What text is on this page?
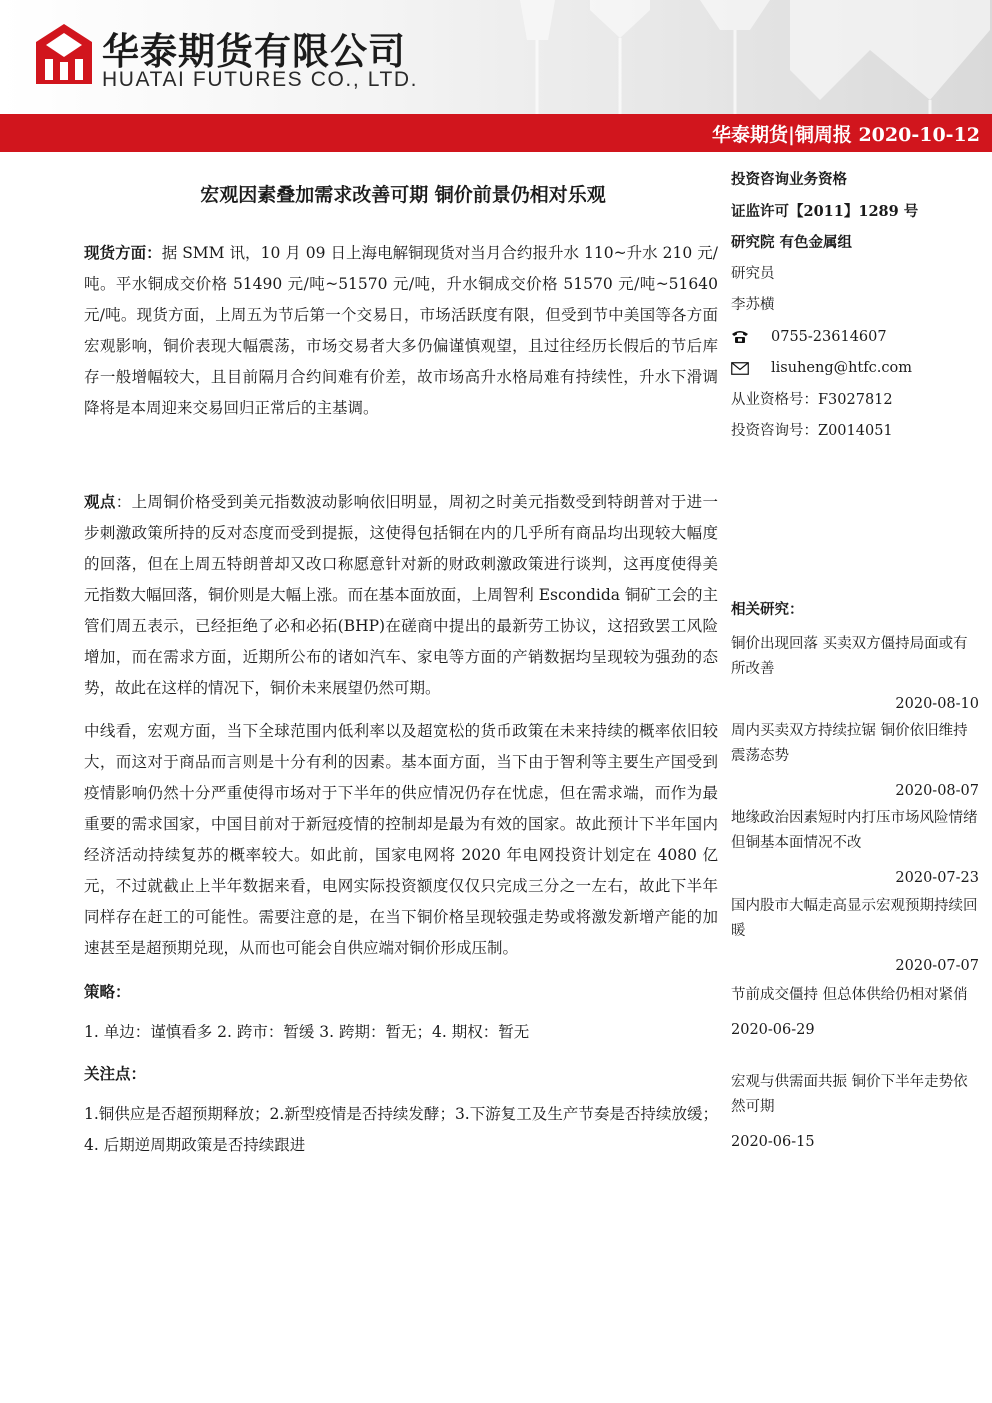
华泰期货有限公司
HUATAI FUTURES CO., LTD.
华泰期货|铜周报 2020-10-12
宏观因素叠加需求改善可期 铜价前景仍相对乐观

现货方面：据 SMM 讯，10 月 09 日上海电解铜现货对当月合约报升水 110~升水 210 元/吨。平水铜成交价格 51490 元/吨~51570 元/吨，升水铜成交价格 51570 元/吨~51640 元/吨。现货方面，上周五为节后第一个交易日，市场活跃度有限，但受到节中美国等各方面宏观影响，铜价表现大幅震荡，市场交易者大多仍偏谨慎观望，且过往经历长假后的节后库存一般增幅较大，且目前隔月合约间难有价差，故市场高升水格局难有持续性，升水下滑调降将是本周迎来交易回归正常后的主基调。

观点：上周铜价格受到美元指数波动影响依旧明显，周初之时美元指数受到特朗普对于进一步刺激政策所持的反对态度而受到提振，这使得包括铜在内的几乎所有商品均出现较大幅度的回落，但在上周五特朗普却又改口称愿意针对新的财政刺激政策进行谈判，这再度使得美元指数大幅回落，铜价则是大幅上涨。而在基本面放面，上周智利 Escondida 铜矿工会的主管们周五表示，已经拒绝了必和必拓(BHP)在磋商中提出的最新劳工协议，这招致罢工风险增加，而在需求方面，近期所公布的诸如汽车、家电等方面的产销数据均呈现较为强劲的态势，故此在这样的情况下，铜价未来展望仍然可期。

中线看，宏观方面，当下全球范围内低利率以及超宽松的货币政策在未来持续的概率依旧较大，而这对于商品而言则是十分有利的因素。基本面方面，当下由于智利等主要生产国受到疫情影响仍然十分严重使得市场对于下半年的供应情况仍存在忧虑，但在需求端，而作为最重要的需求国家，中国目前对于新冠疫情的控制却是最为有效的国家。故此预计下半年国内经济活动持续复苏的概率较大。如此前，国家电网将 2020 年电网投资计划定在 4080 亿元，不过就截止上半年数据来看，电网实际投资额度仅仅只完成三分之一左右，故此下半年同样存在赶工的可能性。需要注意的是，在当下铜价格呈现较强走势或将激发新增产能的加速甚至是超预期兑现，从而也可能会自供应端对铜价形成压制。

策略：

1. 单边：谨慎看多 2. 跨市：暂缓 3. 跨期：暂无；4. 期权：暂无

关注点：

1.铜供应是否超预期释放；2.新型疫情是否持续发酵；3.下游复工及生产节奏是否持续放缓；4. 后期逆周期政策是否持续跟进

投资咨询业务资格
证监许可【2011】1289 号
研究院 有色金属组
研究员
李苏横
0755-23614607
lisuheng@htfc.com
从业资格号：F3027812
投资咨询号：Z0014051
相关研究：
铜价出现回落 买卖双方僵持局面或有所改善
2020-08-10
周内买卖双方持续拉锯 铜价依旧维持震荡态势
2020-08-07
地缘政治因素短时内打压市场风险情绪 但铜基本面情况不改
2020-07-23
国内股市大幅走高显示宏观预期持续回暖
2020-07-07
节前成交僵持 但总体供给仍相对紧俏
2020-06-29
宏观与供需面共振 铜价下半年走势依然可期
2020-06-15
